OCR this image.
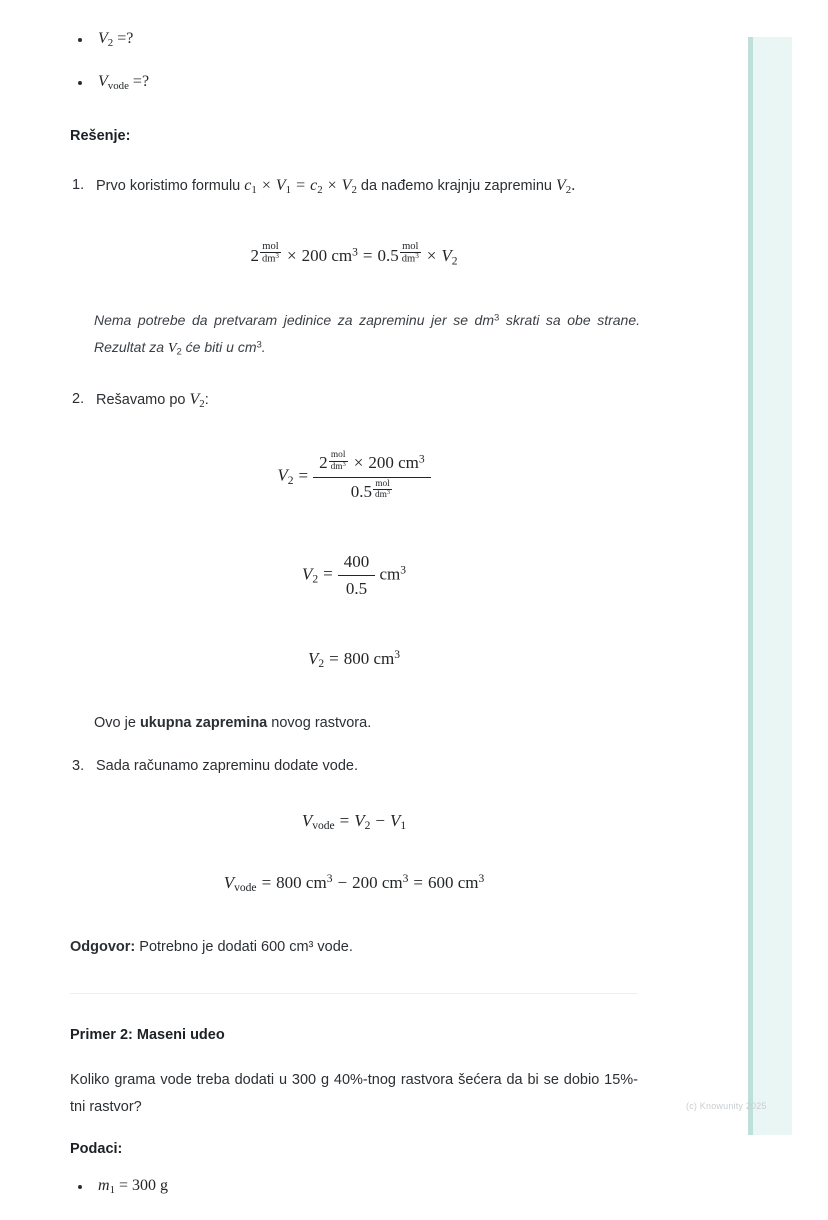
(c) Knowunity 2025
$V_2$ =?
$V_{vode}$ =?
Rešenje:
1. Prvo koristimo formulu $c_1 \times V_1 = c_2 \times V_2$ da nađemo krajnju zapreminu $V_2$.
$2 \frac{\text{mol}}{dm^3} \times 200$ $cm^3 = 0.5 \frac{\text{mol}}{dm^3} \times V_2$
Nema potrebe da pretvaram jedinice za zapreminu jer se $dm^3$ skrati sa obe strane. Rezultat za $V_2$ će biti u $cm^3$.
2. Rešavamo po $V_2$:
$V_2$ =
$2 \frac{\text{mol}}{dm^3} \times 200$ $cm^3$
$0.5 \frac{\text{mol}}{dm^3}$
$V_2 = \frac{400}{0.5} cm^3$
$V_2 = 800$ $cm^3$
Ovo je ukupna zapremina novog rastvora.
3. Sada računamo zapreminu dodate vode.
$V_{vode} = V_2 - V_1$
$V_{vode} = 800$ $cm^3 - 200$ $cm^3 = 600$ $cm^3$
Odgovor: Potrebno je dodati 600 cm³ vode.
Primer 2: Maseni udeo
Koliko grama vode treba dodati u 300 g 40%-tnog rastvora šećera da bi se dobio 15%-tni rastvor?
Podaci:
$m_1 = 300$ g
